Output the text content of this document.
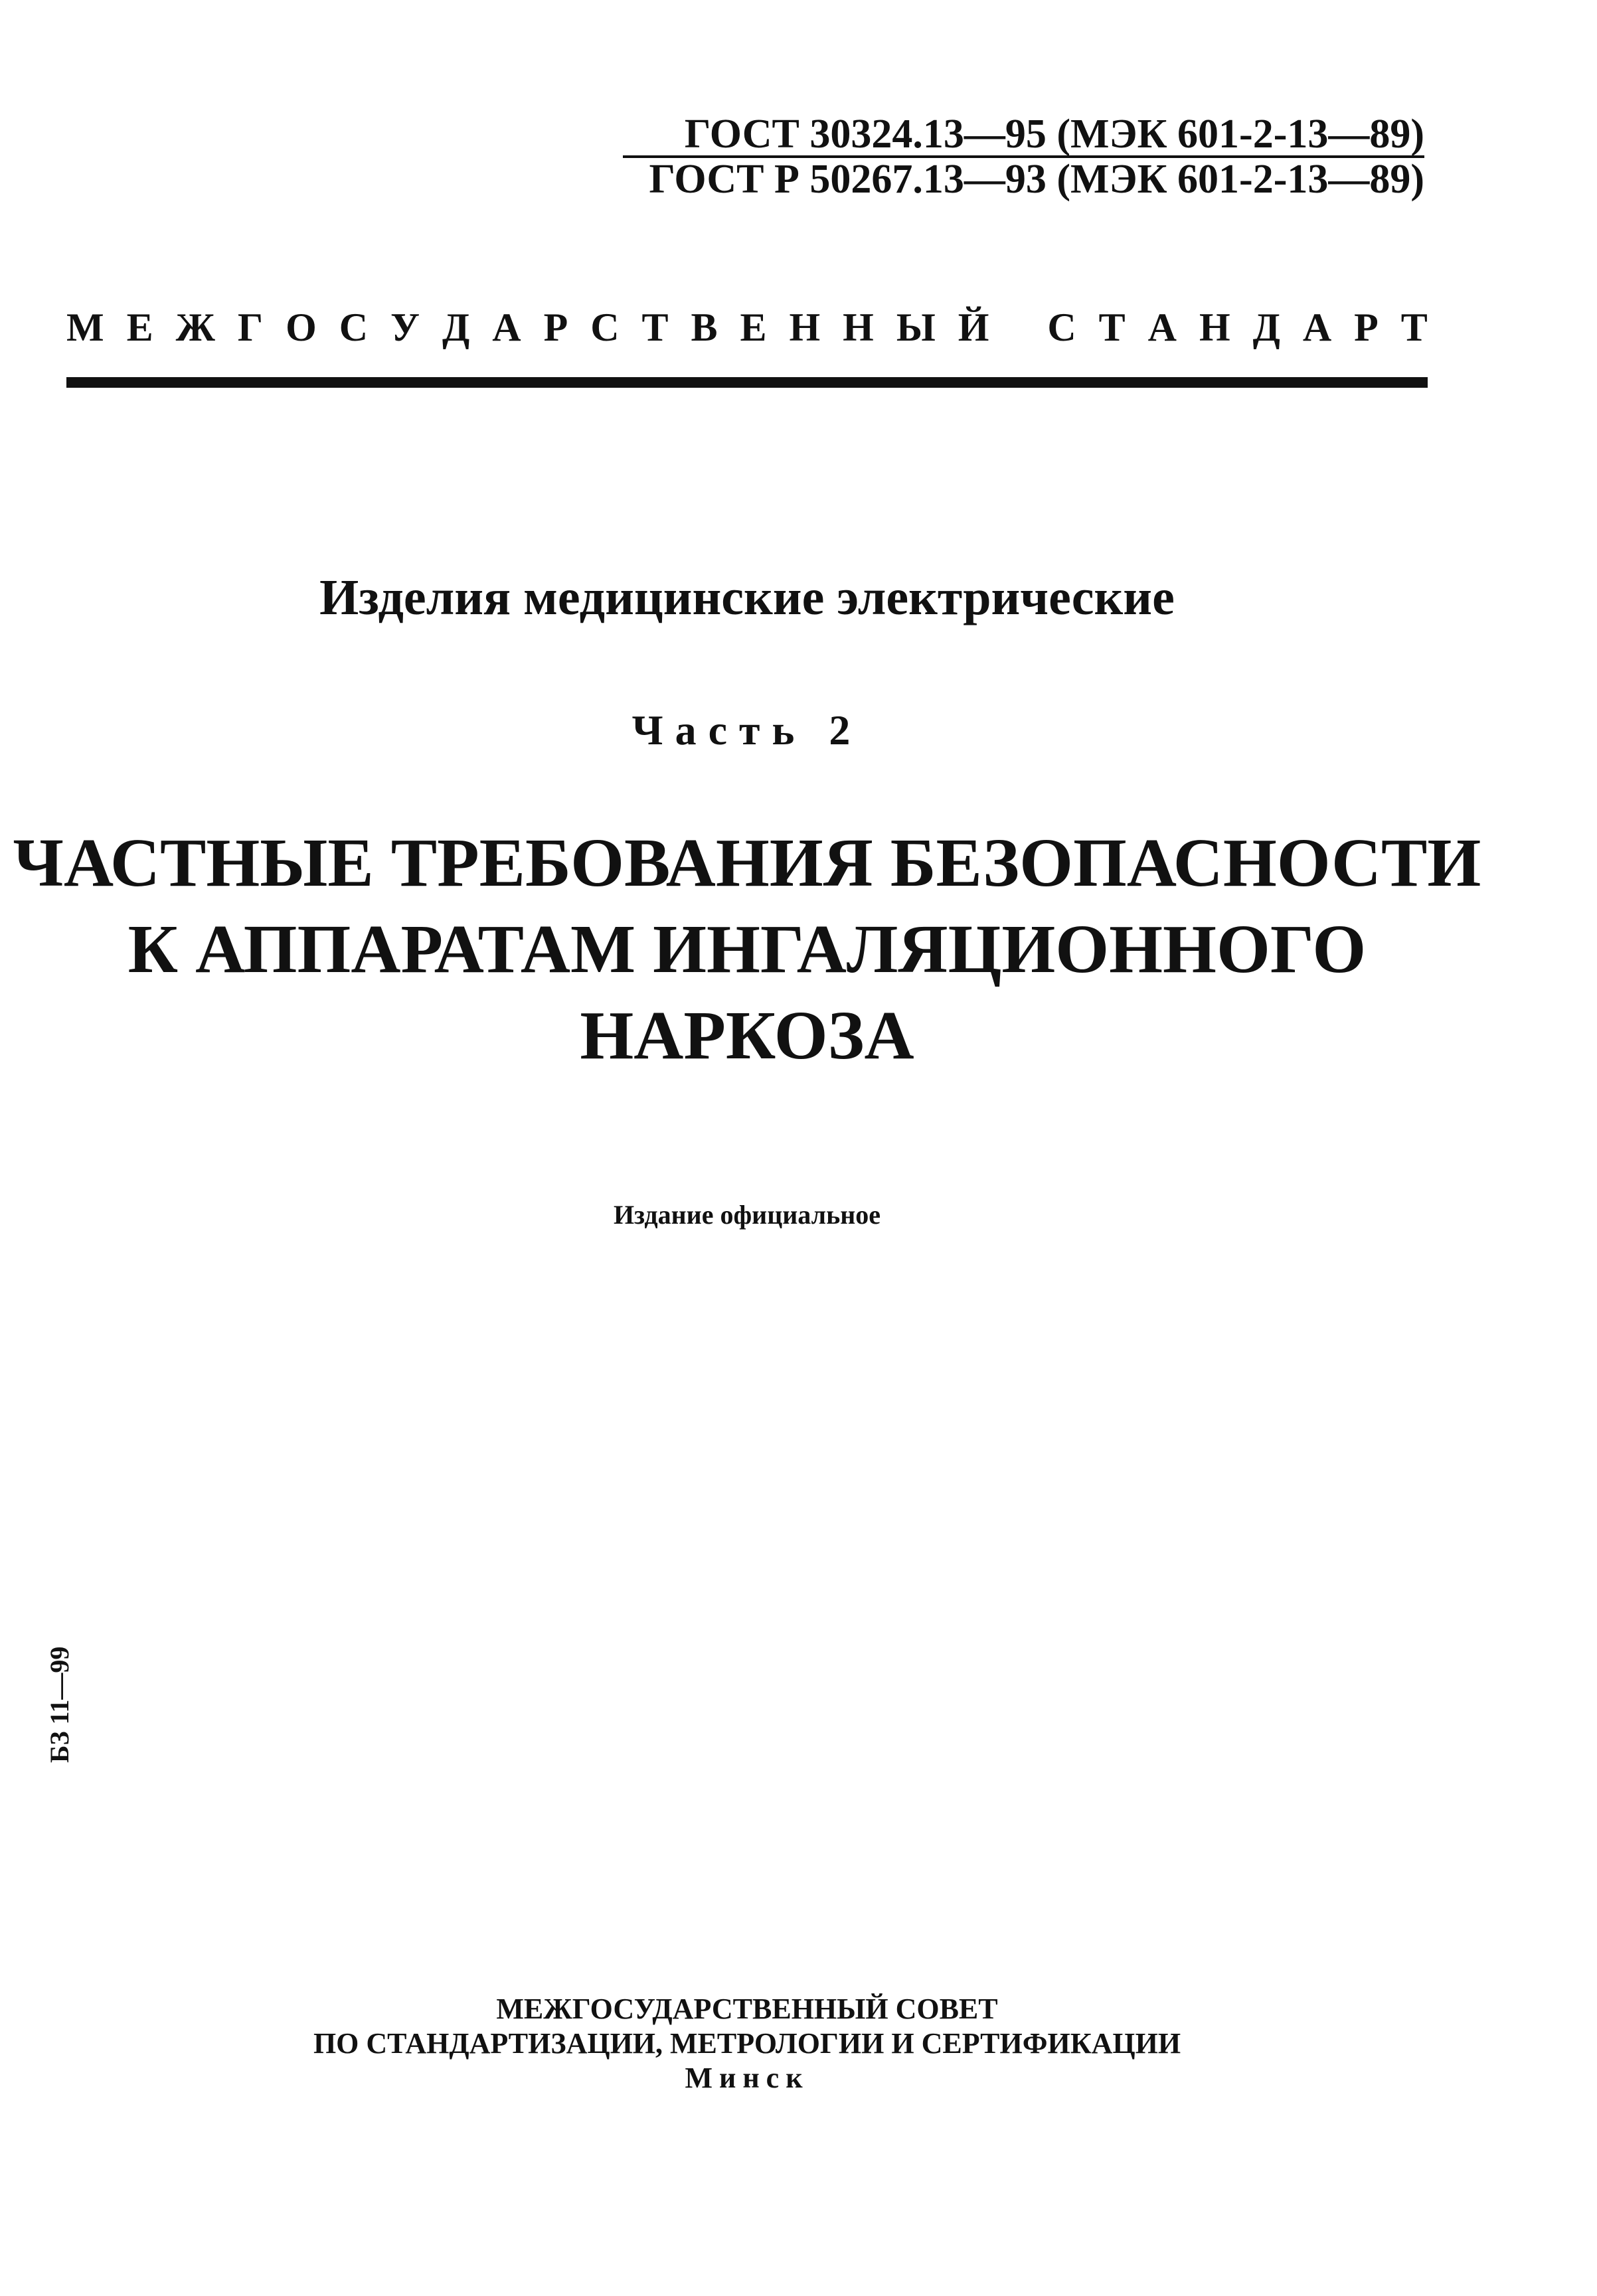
ГОСТ 30324.13—95 (МЭК 601-2-13—89)
ГОСТ Р 50267.13—93 (МЭК 601-2-13—89)
М Е Ж Г О С У Д А Р С Т В Е Н Н Ы Й С Т А Н Д А Р Т
Изделия медицинские электрические
Часть 2
ЧАСТНЫЕ ТРЕБОВАНИЯ БЕЗОПАСНОСТИ
К АППАРАТАМ ИНГАЛЯЦИОННОГО
НАРКОЗА
Издание официальное
БЗ 11—99
МЕЖГОСУДАРСТВЕННЫЙ СОВЕТ
ПО СТАНДАРТИЗАЦИИ, МЕТРОЛОГИИ И СЕРТИФИКАЦИИ
Минск
